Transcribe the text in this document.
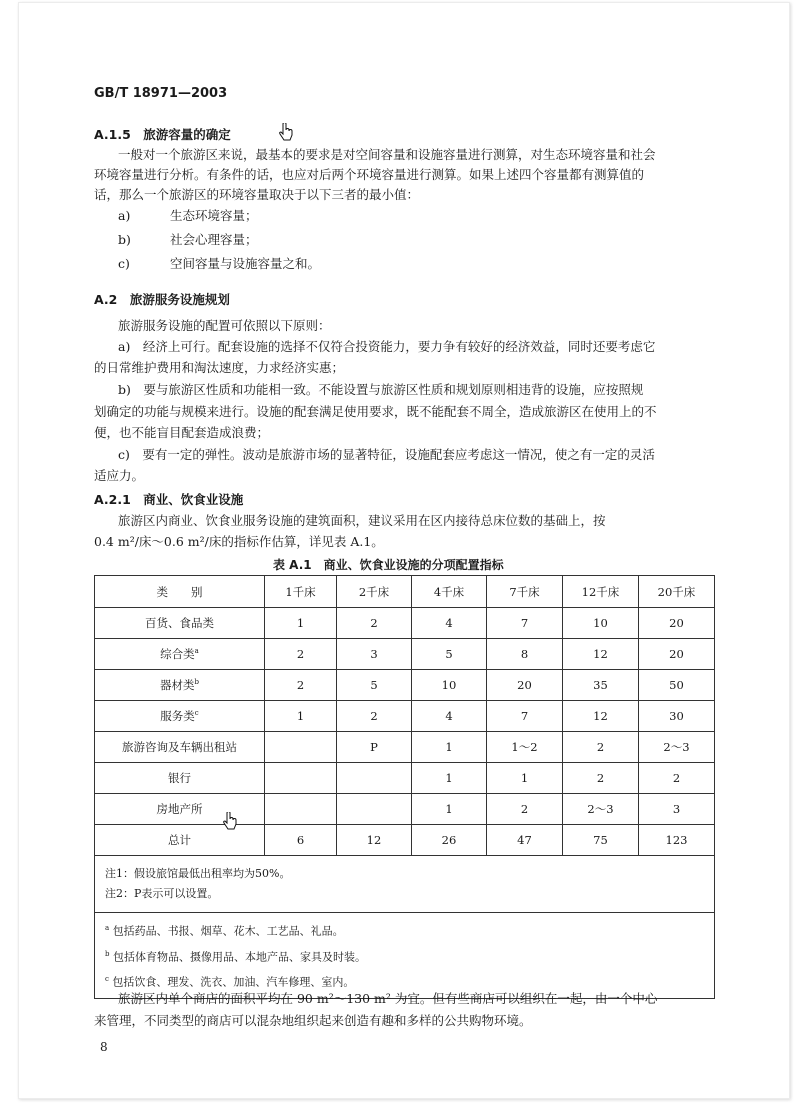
GB/T 18971—2003
A.1.5　旅游容量的确定
一般对一个旅游区来说，最基本的要求是对空间容量和设施容量进行测算，对生态环境容量和社会
环境容量进行分析。有条件的话，也应对后两个环境容量进行测算。如果上述四个容量都有测算值的
话，那么一个旅游区的环境容量取决于以下三者的最小值：
a)	生态环境容量；
b)	社会心理容量；
c)	空间容量与设施容量之和。
A.2　旅游服务设施规划
旅游服务设施的配置可依照以下原则：
a)　经济上可行。配套设施的选择不仅符合投资能力，要力争有较好的经济效益，同时还要考虑它
的日常维护费用和淘汰速度，力求经济实惠；
b)　要与旅游区性质和功能相一致。不能设置与旅游区性质和规划原则相违背的设施，应按照规
划确定的功能与规模来进行。设施的配套满足使用要求，既不能配套不周全，造成旅游区在使用上的不
便，也不能盲目配套造成浪费；
c)　要有一定的弹性。波动是旅游市场的显著特征，设施配套应考虑这一情况，使之有一定的灵活
适应力。
A.2.1　商业、饮食业设施
旅游区内商业、饮食业服务设施的建筑面积，建议采用在区内接待总床位数的基础上，按
0.4 m²/床～0.6 m²/床的指标作估算，详见表 A.1。
表 A.1　商业、饮食业设施的分项配置指标
类　　别	1千床	2千床	4千床	7千床	12千床	20千床
百货、食品类	1	2	4	7	10	20
综合类$^a$	2	3	5	8	12	20
器材类$^b$	2	5	10	20	35	50
服务类$^c$	1	2	4	7	12	30
旅游咨询及车辆出租站		P	1	1～2	2	2～3
银行			1	1	2	2
房地产所			1	2	2～3	3
总计	6	12	26	47	75	123

注1：假设旅馆最低出租率均为50%。
注2：P表示可以设置。						

$^a$ 包括药品、书报、烟草、花木、工艺品、礼品。
$^b$ 包括体育物品、摄像用品、本地产品、家具及时装。
$^c$ 包括饮食、理发、洗衣、加油、汽车修理、室内。						
旅游区内单个商店的面积平均在 90 m²～130 m² 为宜。但有些商店可以组织在一起，由一个中心
来管理，不同类型的商店可以混杂地组织起来创造有趣和多样的公共购物环境。
8
